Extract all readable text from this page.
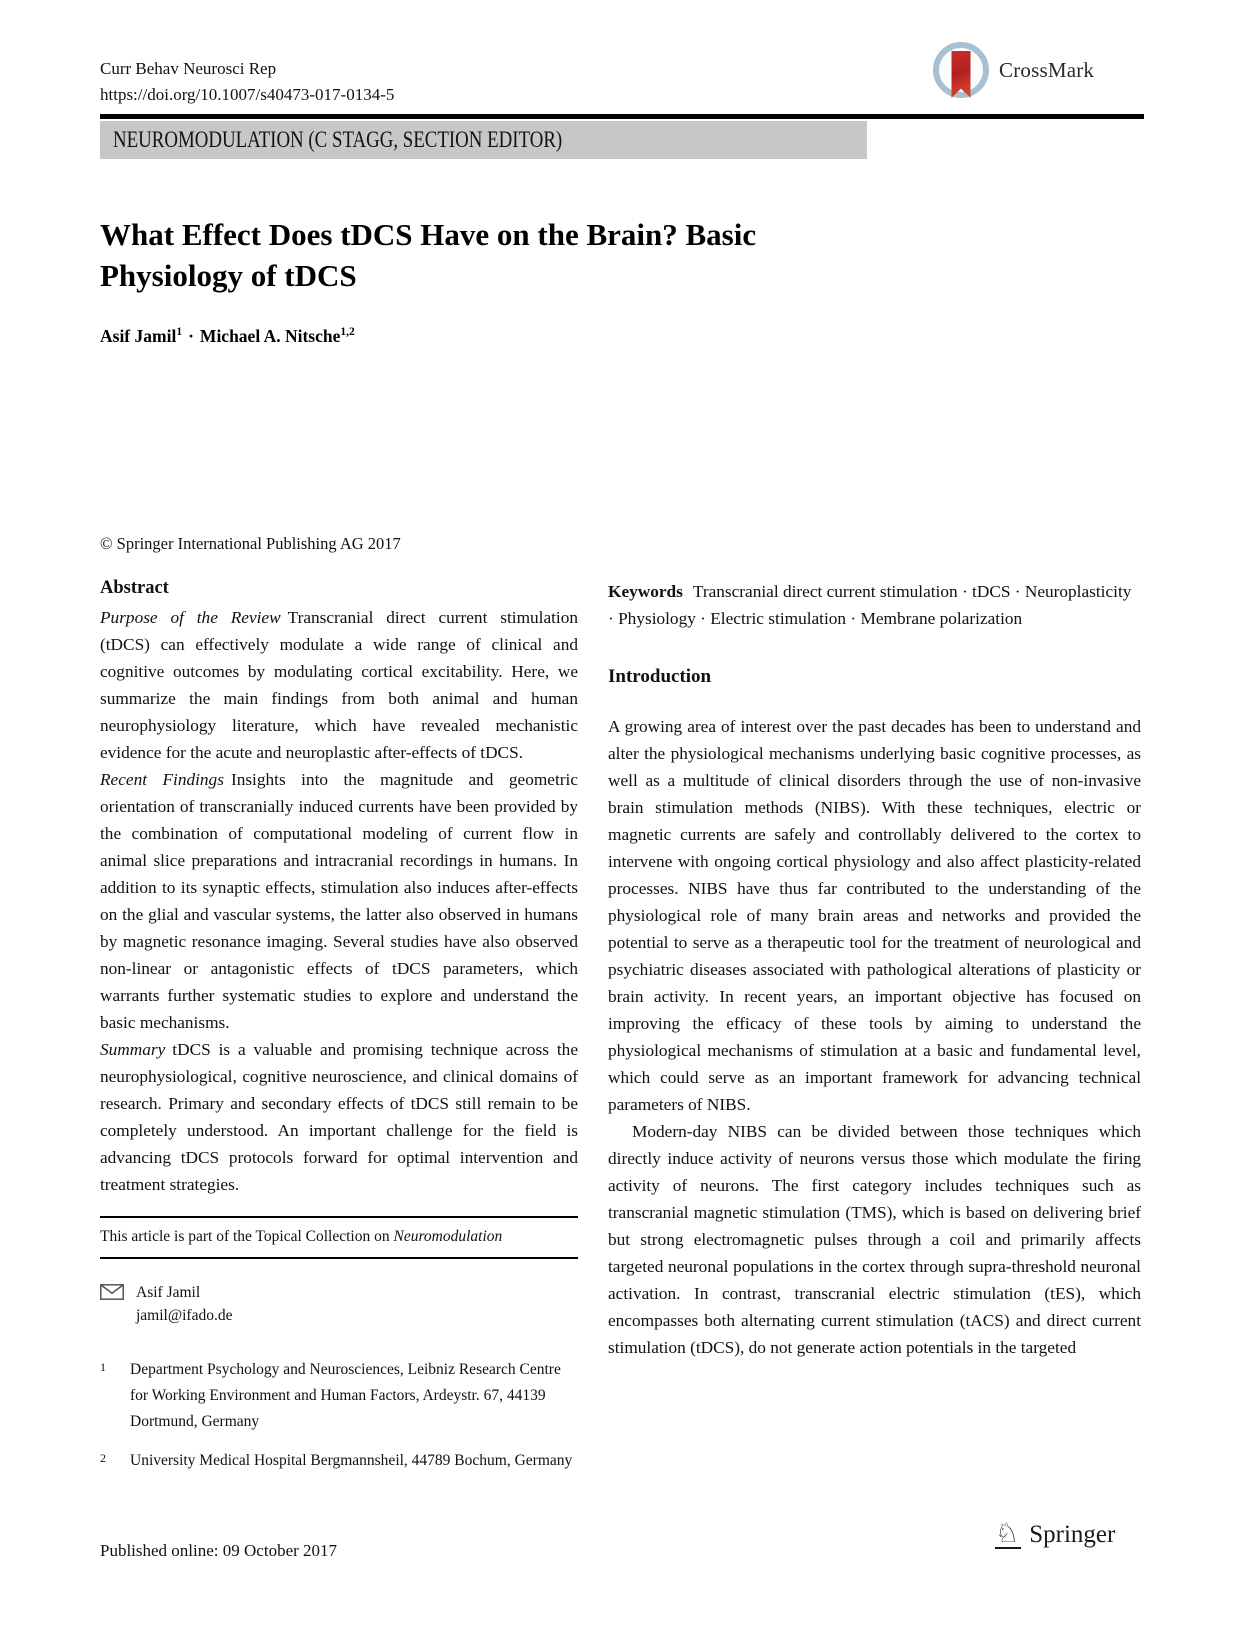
Curr Behav Neurosci Rep
https://doi.org/10.1007/s40473-017-0134-5
CrossMark
NEUROMODULATION (C STAGG, SECTION EDITOR)
What Effect Does tDCS Have on the Brain? Basic
Physiology of tDCS
Asif Jamil$^1$ · Michael A. Nitsche$^{1,2}$
© Springer International Publishing AG 2017
Abstract

Purpose of the Review Transcranial direct current stimulation (tDCS) can effectively modulate a wide range of clinical and cognitive outcomes by modulating cortical excitability. Here, we summarize the main findings from both animal and human neurophysiology literature, which have revealed mechanistic evidence for the acute and neuroplastic after-effects of tDCS.

Recent Findings Insights into the magnitude and geometric orientation of transcranially induced currents have been provided by the combination of computational modeling of current flow in animal slice preparations and intracranial recordings in humans. In addition to its synaptic effects, stimulation also induces after-effects on the glial and vascular systems, the latter also observed in humans by magnetic resonance imaging. Several studies have also observed non-linear or antagonistic effects of tDCS parameters, which warrants further systematic studies to explore and understand the basic mechanisms.

Summary tDCS is a valuable and promising technique across the neurophysiological, cognitive neuroscience, and clinical domains of research. Primary and secondary effects of tDCS still remain to be completely understood. An important challenge for the field is advancing tDCS protocols forward for optimal intervention and treatment strategies.

This article is part of the Topical Collection on Neuromodulation
Asif Jamil
jamil@ifado.de
1	Department Psychology and Neurosciences, Leibniz Research Centre for Working Environment and Human Factors, Ardeystr. 67, 44139 Dortmund, Germany
2	University Medical Hospital Bergmannsheil, 44789 Bochum, Germany

Keywords Transcranial direct current stimulation · tDCS · Neuroplasticity · Physiology · Electric stimulation · Membrane polarization

Introduction

A growing area of interest over the past decades has been to understand and alter the physiological mechanisms underlying basic cognitive processes, as well as a multitude of clinical disorders through the use of non-invasive brain stimulation methods (NIBS). With these techniques, electric or magnetic currents are safely and controllably delivered to the cortex to intervene with ongoing cortical physiology and also affect plasticity-related processes. NIBS have thus far contributed to the understanding of the physiological role of many brain areas and networks and provided the potential to serve as a therapeutic tool for the treatment of neurological and psychiatric diseases associated with pathological alterations of plasticity or brain activity. In recent years, an important objective has focused on improving the efficacy of these tools by aiming to understand the physiological mechanisms of stimulation at a basic and fundamental level, which could serve as an important framework for advancing technical parameters of NIBS.

Modern-day NIBS can be divided between those techniques which directly induce activity of neurons versus those which modulate the firing activity of neurons. The first category includes techniques such as transcranial magnetic stimulation (TMS), which is based on delivering brief but strong electromagnetic pulses through a coil and primarily affects targeted neuronal populations in the cortex through supra-threshold neuronal activation. In contrast, transcranial electric stimulation (tES), which encompasses both alternating current stimulation (tACS) and direct current stimulation (tDCS), do not generate action potentials in the targeted

Published online: 09 October 2017
♘ Springer
